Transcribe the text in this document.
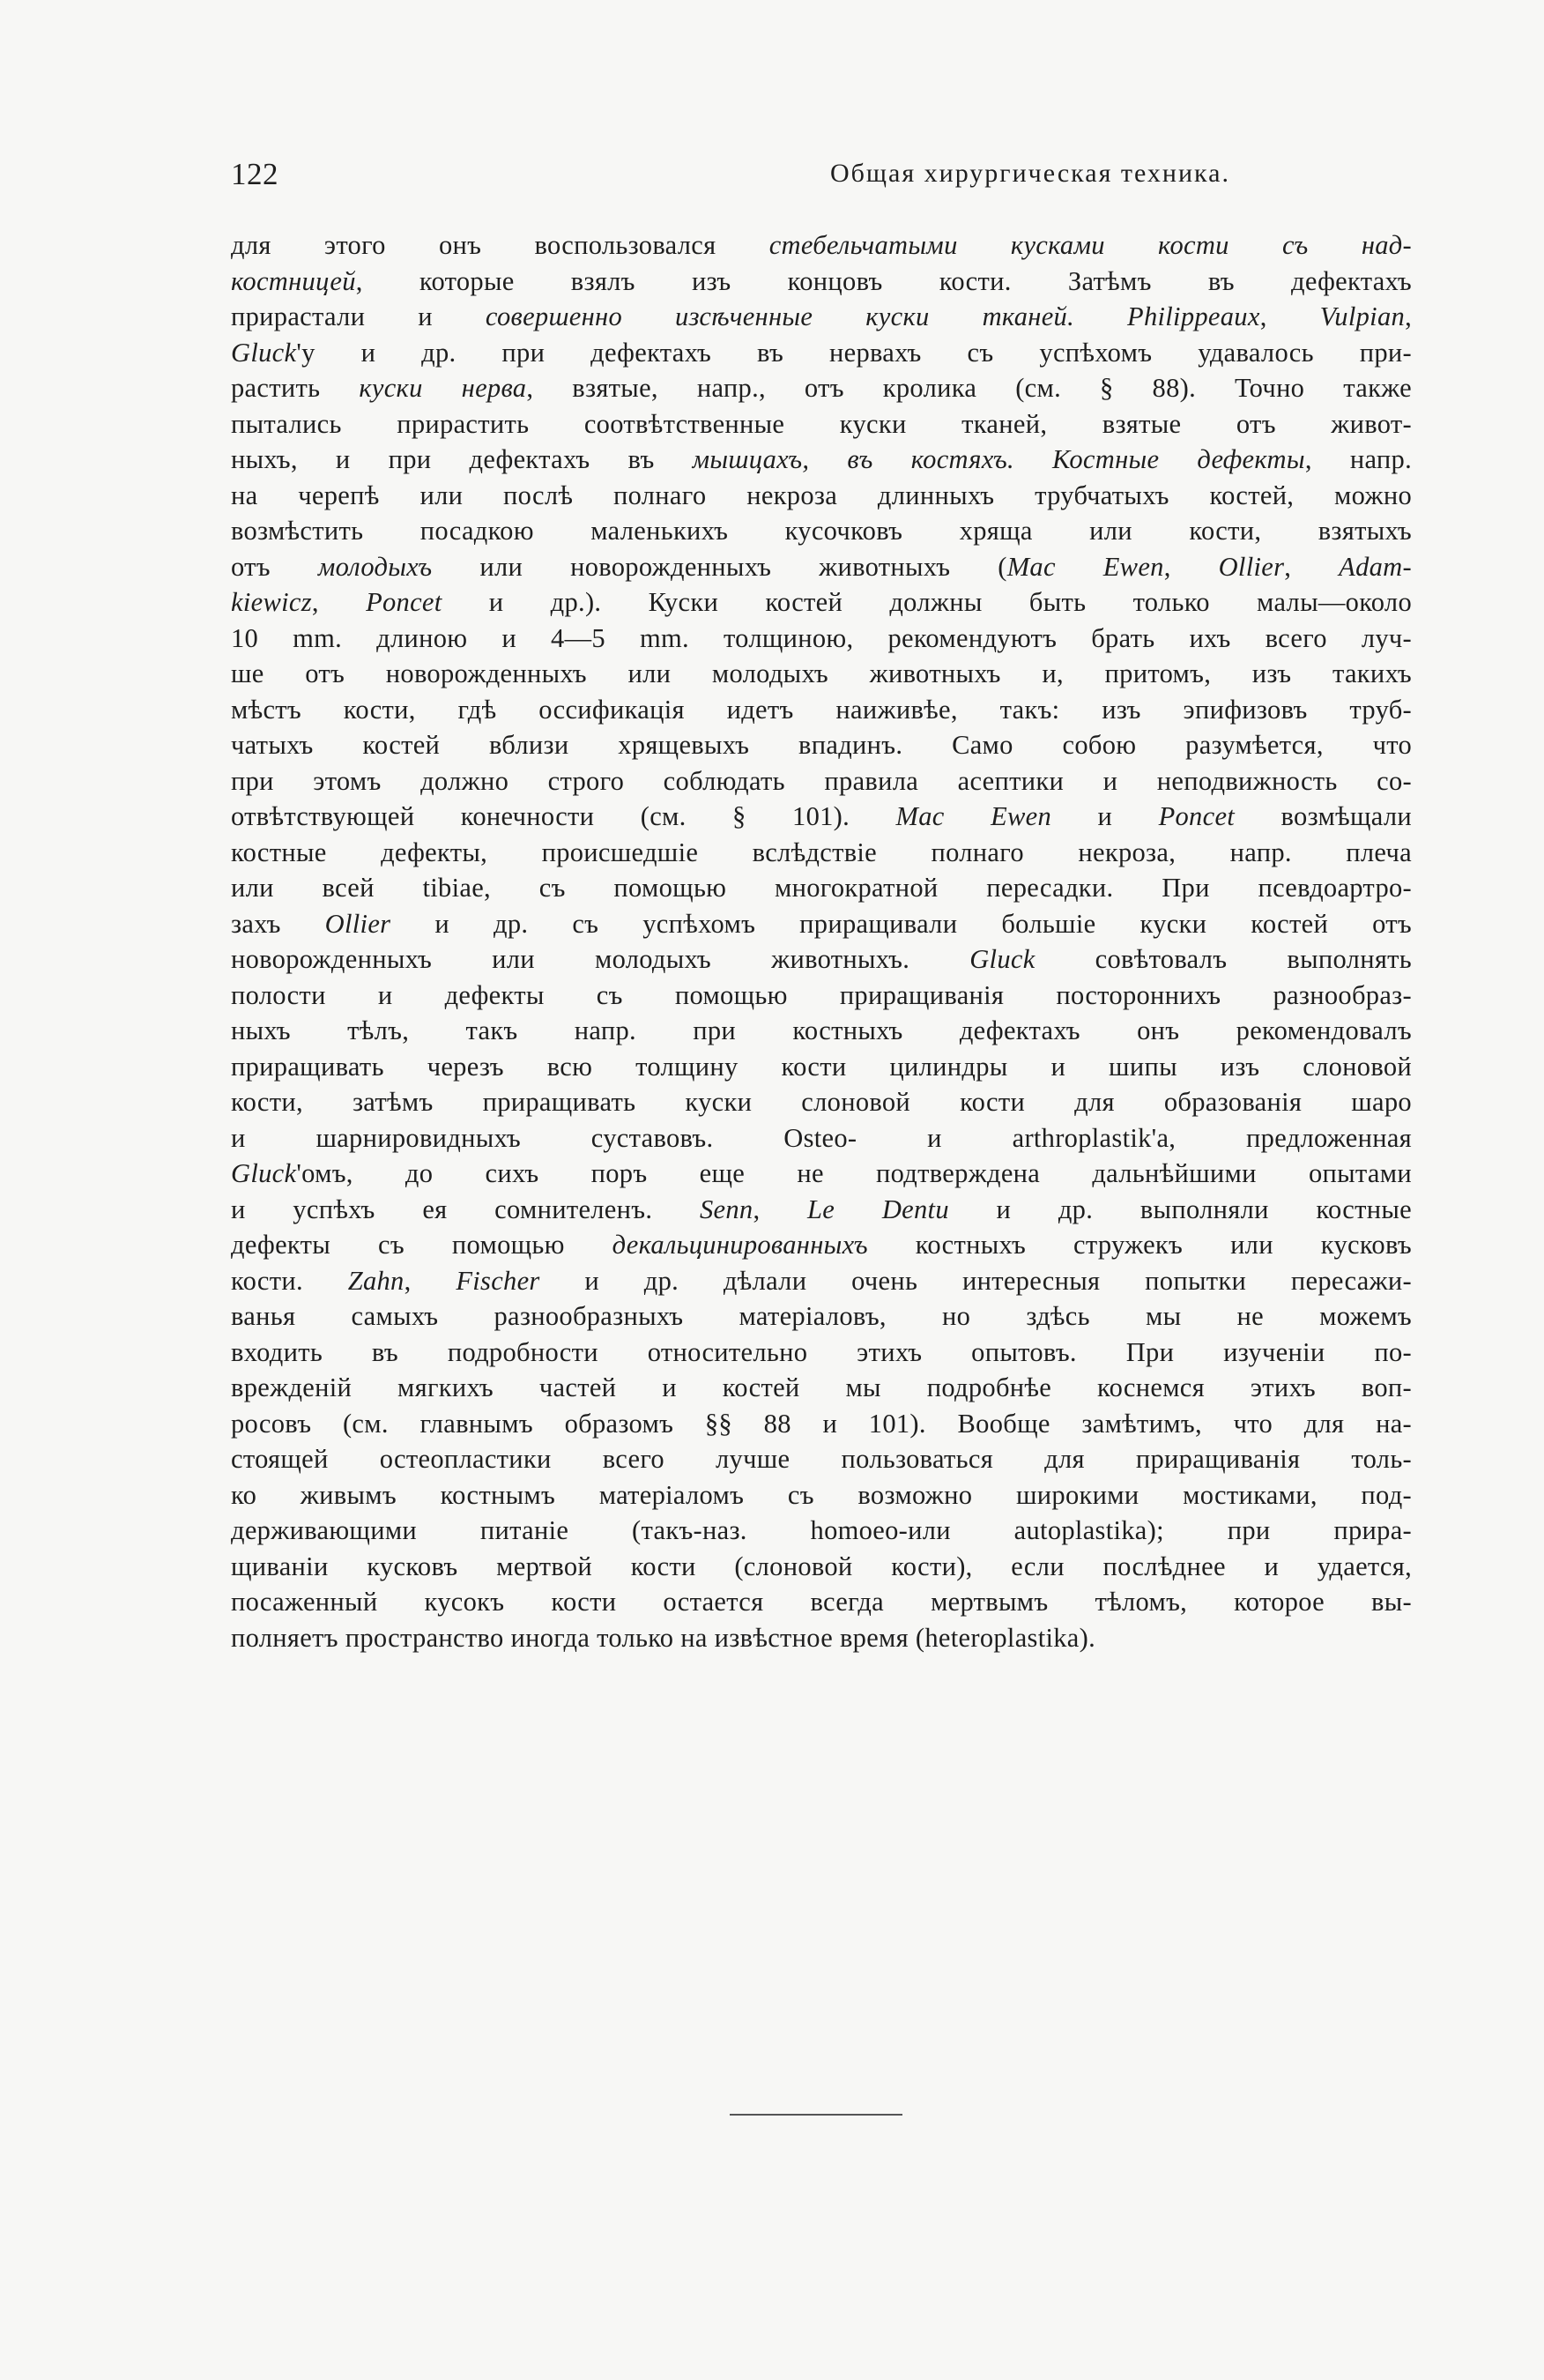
122	Общая хирургическая техника.
для этого онъ воспользовался стебельчатыми кусками кости съ над-
костницей, которые взялъ изъ концовъ кости. Затѣмъ въ дефектахъ
прирастали и совершенно изсѣченные куски тканей. Philippeaux, Vulpian,
Gluck'у и др. при дефектахъ въ нервахъ съ успѣхомъ удавалось при-
растить куски нерва, взятые, напр., отъ кролика (см. § 88). Точно также
пытались прирастить соотвѣтственные куски тканей, взятые отъ живот-
ныхъ, и при дефектахъ въ мышцахъ, въ костяхъ. Костные дефекты, напр.
на черепѣ или послѣ полнаго некроза длинныхъ трубчатыхъ костей, можно
возмѣстить посадкою маленькихъ кусочковъ хряща или кости, взятыхъ
отъ молодыхъ или новорожденныхъ животныхъ (Mac Ewen, Ollier, Adam-
kiewicz, Poncet и др.). Куски костей должны быть только малы—около
10 mm. длиною и 4—5 mm. толщиною, рекомендуютъ брать ихъ всего луч-
ше отъ новорожденныхъ или молодыхъ животныхъ и, притомъ, изъ такихъ
мѣстъ кости, гдѣ оссификація идетъ наиживѣе, такъ: изъ эпифизовъ труб-
чатыхъ костей вблизи хрящевыхъ впадинъ. Само собою разумѣется, что
при этомъ должно строго соблюдать правила асептики и неподвижность со-
отвѣтствующей конечности (см. § 101). Mac Ewen и Poncet возмѣщали
костные дефекты, происшедшіе вслѣдствіе полнаго некроза, напр. плеча
или всей tibiae, съ помощью многократной пересадки. При псевдоартро-
захъ Ollier и др. съ успѣхомъ приращивали большіе куски костей отъ
новорожденныхъ или молодыхъ животныхъ. Gluck совѣтовалъ выполнять
полости и дефекты съ помощью приращиванія постороннихъ разнообраз-
ныхъ тѣлъ, такъ напр. при костныхъ дефектахъ онъ рекомендовалъ
приращивать черезъ всю толщину кости цилиндры и шипы изъ слоновой
кости, затѣмъ приращивать куски слоновой кости для образованія шаро
и шарнировидныхъ суставовъ. Osteo- и arthroplastik'а, предложенная
Gluck'омъ, до сихъ поръ еще не подтверждена дальнѣйшими опытами
и успѣхъ ея сомнителенъ. Senn, Le Dentu и др. выполняли костные
дефекты съ помощью декальцинированныхъ костныхъ стружекъ или кусковъ
кости. Zahn, Fischer и др. дѣлали очень интересныя попытки пересажи-
ванья самыхъ разнообразныхъ матеріаловъ, но здѣсь мы не можемъ
входить въ подробности относительно этихъ опытовъ. При изученіи по-
врежденій мягкихъ частей и костей мы подробнѣе коснемся этихъ воп-
росовъ (см. главнымъ образомъ §§ 88 и 101). Вообще замѣтимъ, что для на-
стоящей остеопластики всего лучше пользоваться для приращиванія толь-
ко живымъ костнымъ матеріаломъ съ возможно широкими мостиками, под-
держивающими питаніе (такъ-наз. homoeo-или autoplastika); при прира-
щиваніи кусковъ мертвой кости (слоновой кости), если послѣднее и удается,
посаженный кусокъ кости остается всегда мертвымъ тѣломъ, которое вы-
полняетъ пространство иногда только на извѣстное время (heteroplastika).
